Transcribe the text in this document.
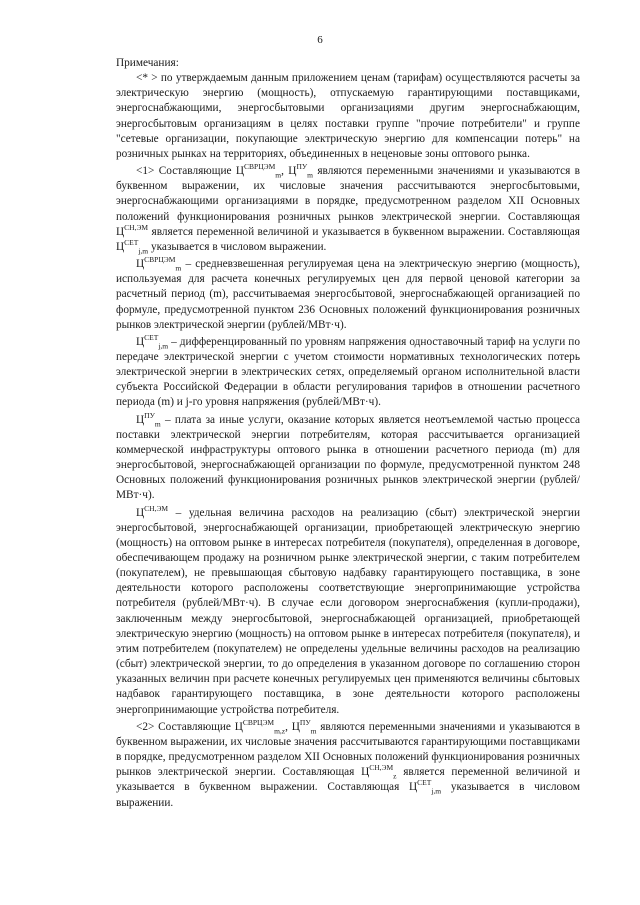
6

Примечания:

<* > по утверждаемым данным приложением ценам (тарифам) осуществляются расчеты за электрическую энергию (мощность), отпускаемую гарантирующими поставщиками, энергоснабжающими, энергосбытовыми организациями другим энергоснабжающим, энергосбытовым организациям в целях поставки группе "прочие потребители" и группе "сетевые организации, покупающие электрическую энергию для компенсации потерь" на розничных рынках на территориях, объединенных в неценовые зоны оптового рынка.

<1> Составляющие $Ц^{СВРЦЭМ}_m$, $Ц^{ПУ}_m$ являются переменными значениями и указываются в буквенном выражении, их числовые значения рассчитываются энергосбытовыми, энергоснабжающими организациями в порядке, предусмотренном разделом XII Основных положений функционирования розничных рынков электрической энергии. Составляющая $Ц^{СН,ЭМ}$ является переменной величиной и указывается в буквенном выражении. Составляющая $Ц^{СЕТ}_{j,m}$ указывается в числовом выражении.

$Ц^{СВРЦЭМ}_m$ – средневзвешенная регулируемая цена на электрическую энергию (мощность), используемая для расчета конечных регулируемых цен для первой ценовой категории за расчетный период (m), рассчитываемая энергосбытовой, энергоснабжающей организацией по формуле, предусмотренной пунктом 236 Основных положений функционирования розничных рынков электрической энергии (рублей/МВт·ч).

$Ц^{СЕТ}_{j,m}$ – дифференцированный по уровням напряжения одноставочный тариф на услуги по передаче электрической энергии с учетом стоимости нормативных технологических потерь электрической энергии в электрических сетях, определяемый органом исполнительной власти субъекта Российской Федерации в области регулирования тарифов в отношении расчетного периода (m) и j-го уровня напряжения (рублей/МВт·ч).

$Ц^{ПУ}_m$ – плата за иные услуги, оказание которых является неотъемлемой частью процесса поставки электрической энергии потребителям, которая рассчитывается организацией коммерческой инфраструктуры оптового рынка в отношении расчетного периода (m) для энергосбытовой, энергоснабжающей организации по формуле, предусмотренной пунктом 248 Основных положений функционирования розничных рынков электрической энергии (рублей/МВт·ч).

$Ц^{СН,ЭМ}$ – удельная величина расходов на реализацию (сбыт) электрической энергии энергосбытовой, энергоснабжающей организации, приобретающей электрическую энергию (мощность) на оптовом рынке в интересах потребителя (покупателя), определенная в договоре, обеспечивающем продажу на розничном рынке электрической энергии, с таким потребителем (покупателем), не превышающая сбытовую надбавку гарантирующего поставщика, в зоне деятельности которого расположены соответствующие энергопринимающие устройства потребителя (рублей/МВт·ч). В случае если договором энергоснабжения (купли-продажи), заключенным между энергосбытовой, энергоснабжающей организацией, приобретающей электрическую энергию (мощность) на оптовом рынке в интересах потребителя (покупателя), и этим потребителем (покупателем) не определены удельные величины расходов на реализацию (сбыт) электрической энергии, то до определения в указанном договоре по соглашению сторон указанных величин при расчете конечных регулируемых цен применяются величины сбытовых надбавок гарантирующего поставщика, в зоне деятельности которого расположены энергопринимающие устройства потребителя.

<2> Составляющие $Ц^{СВРЦЭМ}_{m,z}$, $Ц^{ПУ}_m$ являются переменными значениями и указываются в буквенном выражении, их числовые значения рассчитываются гарантирующими поставщиками в порядке, предусмотренном разделом XII Основных положений функционирования розничных рынков электрической энергии. Составляющая $Ц^{СН,ЭМ}_z$ является переменной величиной и указывается в буквенном выражении. Составляющая $Ц^{СЕТ}_{j,m}$ указывается в числовом выражении.
